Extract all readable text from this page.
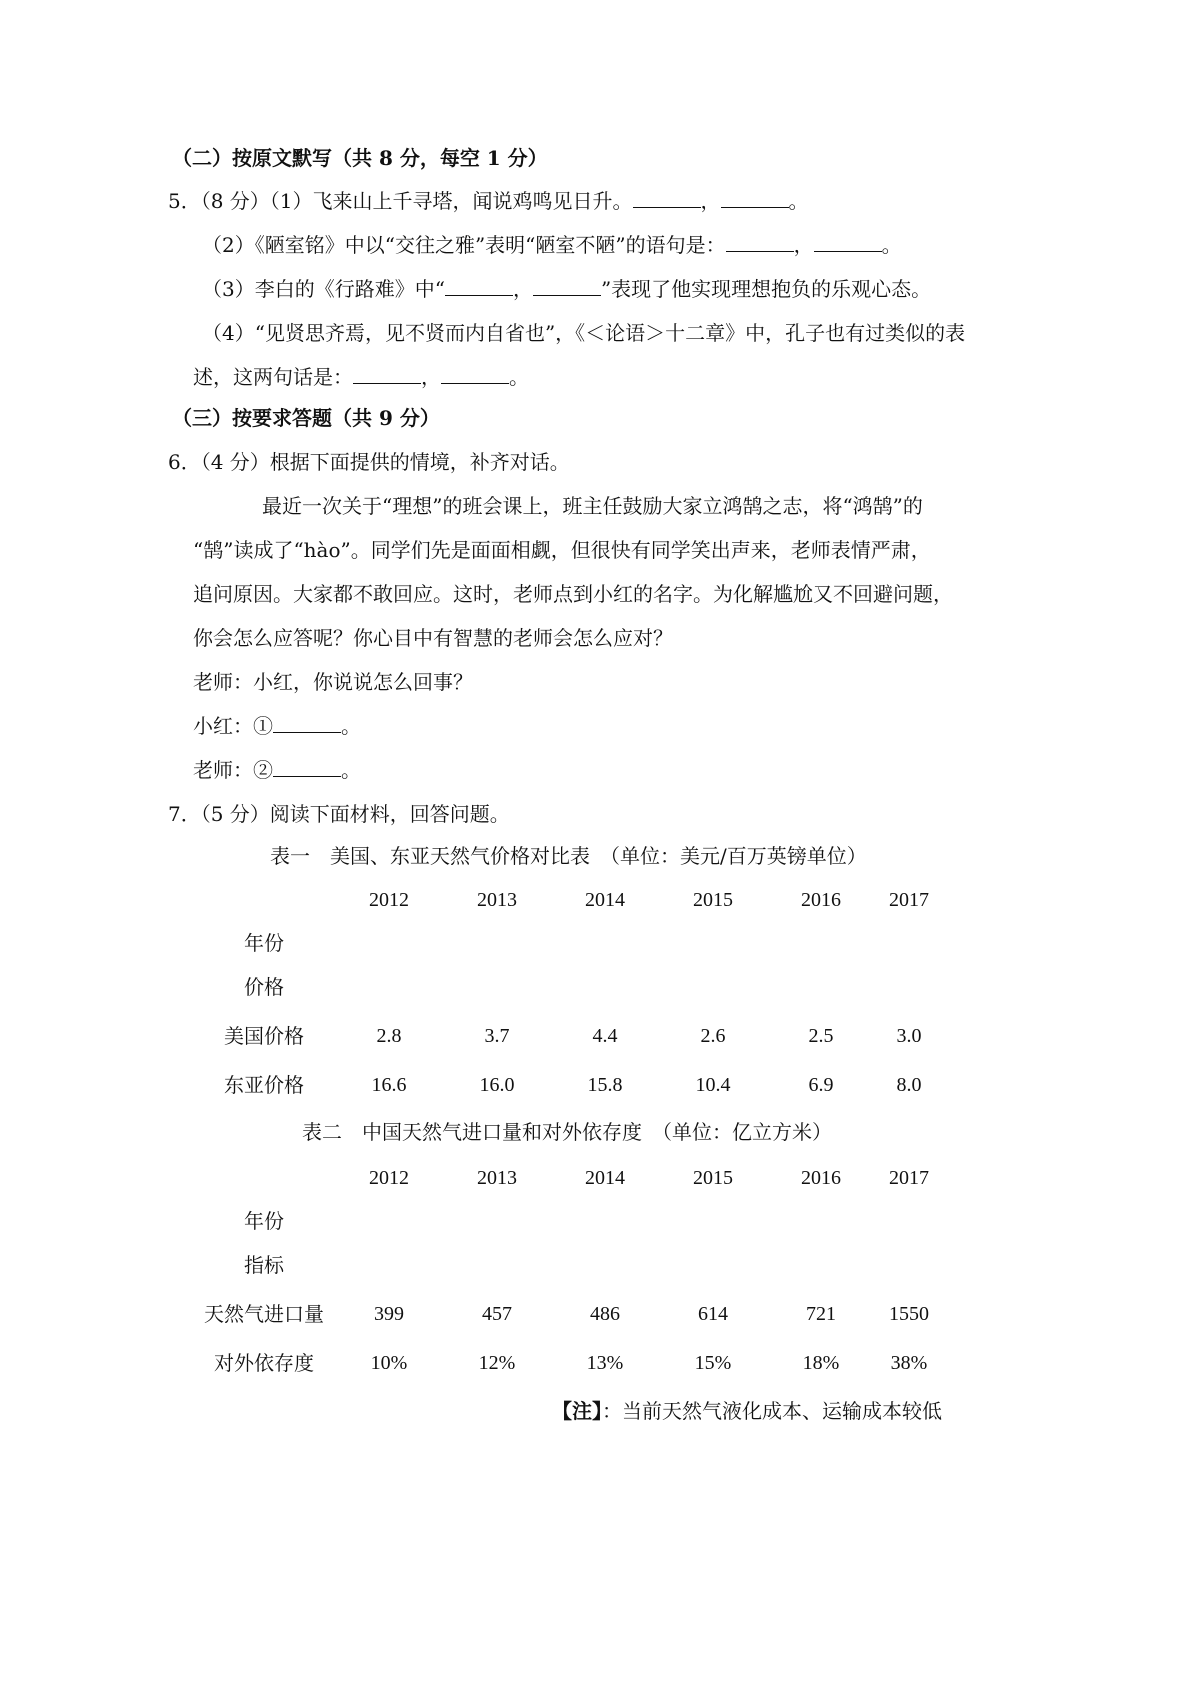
（二）按原文默写（共 8 分，每空 1 分）
5．（8 分）（1）飞来山上千寻塔，闻说鸡鸣见日升。	，	。
（2）《陋室铭》中以“交往之雅”表明“陋室不陋”的语句是：	，	。
（3）李白的《行路难》中“	，	”表现了他实现理想抱负的乐观心态。
（4）“见贤思齐焉，见不贤而内自省也”，《＜论语＞十二章》中，孔子也有过类似的表
述，这两句话是：	，	。
（三）按要求答题（共 9 分）
6．（4 分）根据下面提供的情境，补齐对话。
最近一次关于“理想”的班会课上，班主任鼓励大家立鸿鹄之志，将“鸿鹄”的
“鹄”读成了“hào”。同学们先是面面相觑，但很快有同学笑出声来，老师表情严肃，
追问原因。大家都不敢回应。这时，老师点到小红的名字。为化解尴尬又不回避问题，
你会怎么应答呢？你心目中有智慧的老师会怎么应对？
老师：小红，你说说怎么回事？
小红：①	。
老师：②	。
7．（5 分）阅读下面材料，回答问题。
表一　美国、东亚天然气价格对比表　（单位：美元/百万英镑单位）
2012	2013	2014	2015	2016	2017
年份
价格
美国价格	2.8	3.7	4.4	2.6	2.5	3.0
东亚价格	16.6	16.0	15.8	10.4	6.9	8.0
表二　中国天然气进口量和对外依存度　（单位：亿立方米）
2012	2013	2014	2015	2016	2017
年份
指标
天然气进口量	399	457	486	614	721	1550
对外依存度	10%	12%	13%	15%	18%	38%
【注】：当前天然气液化成本、运输成本较低
